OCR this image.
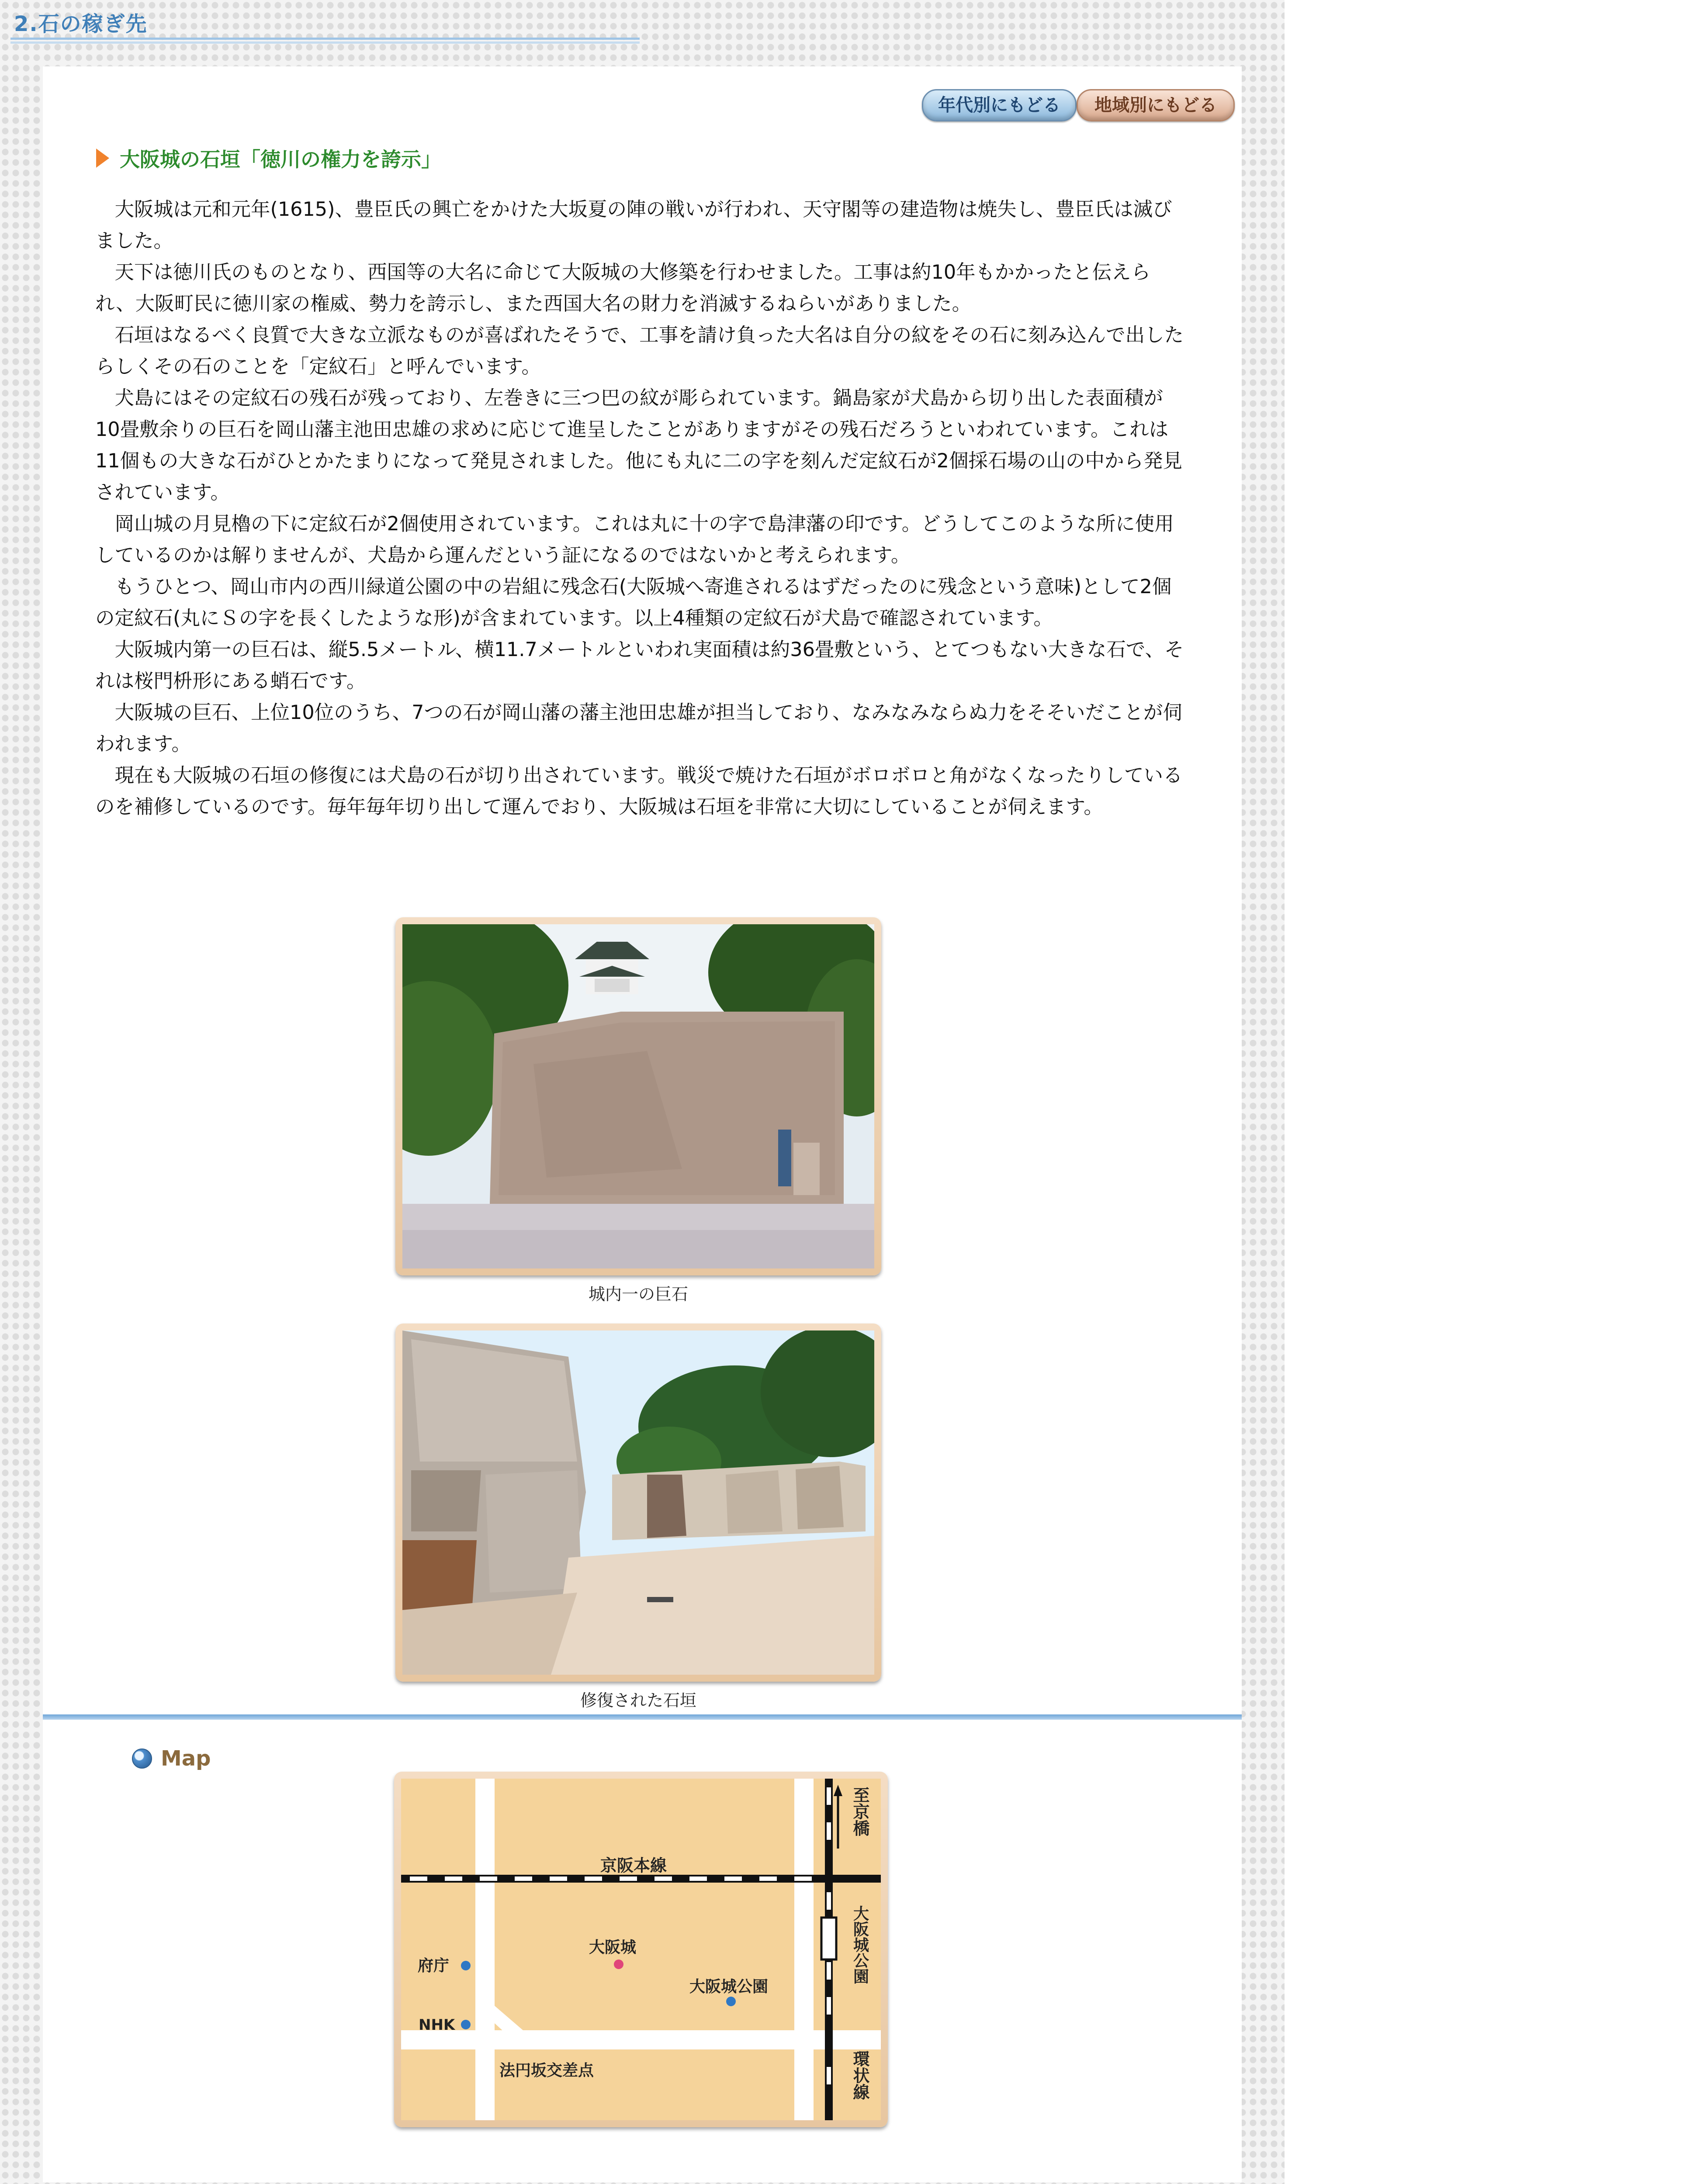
2.石の稼ぎ先
年代別にもどる	地域別にもどる
大阪城の石垣「徳川の権力を誇示」

大阪城は元和元年(1615)、豊臣氏の興亡をかけた大坂夏の陣の戦いが行われ、天守閣等の建造物は焼失し、豊臣氏は滅びました。

天下は徳川氏のものとなり、西国等の大名に命じて大阪城の大修築を行わせました。工事は約10年もかかったと伝えられ、大阪町民に徳川家の権威、勢力を誇示し、また西国大名の財力を消滅するねらいがありました。

石垣はなるべく良質で大きな立派なものが喜ばれたそうで、工事を請け負った大名は自分の紋をその石に刻み込んで出したらしくその石のことを「定紋石」と呼んでいます。

犬島にはその定紋石の残石が残っており、左巻きに三つ巴の紋が彫られています。鍋島家が犬島から切り出した表面積が10畳敷余りの巨石を岡山藩主池田忠雄の求めに応じて進呈したことがありますがその残石だろうといわれています。これは11個もの大きな石がひとかたまりになって発見されました。他にも丸に二の字を刻んだ定紋石が2個採石場の山の中から発見されています。

岡山城の月見櫓の下に定紋石が2個使用されています。これは丸に十の字で島津藩の印です。どうしてこのような所に使用しているのかは解りませんが、犬島から運んだという証になるのではないかと考えられます。

もうひとつ、岡山市内の西川緑道公園の中の岩組に残念石(大阪城へ寄進されるはずだったのに残念という意味)として2個の定紋石(丸にＳの字を長くしたような形)が含まれています。以上4種類の定紋石が犬島で確認されています。

大阪城内第一の巨石は、縦5.5メートル、横11.7メートルといわれ実面積は約36畳敷という、とてつもない大きな石で、それは桜門枡形にある蛸石です。

大阪城の巨石、上位10位のうち、7つの石が岡山藩の藩主池田忠雄が担当しており、なみなみならぬ力をそそいだことが伺われます。

現在も大阪城の石垣の修復には犬島の石が切り出されています。戦災で焼けた石垣がボロボロと角がなくなったりしているのを補修しているのです。毎年毎年切り出して運んでおり、大阪城は石垣を非常に大切にしていることが伺えます。

城内一の巨石
修復された石垣
Map
京阪本線
大阪城
大阪城公園
府庁
NHK
法円坂交差点
至京橋
大阪城公園
環状線
